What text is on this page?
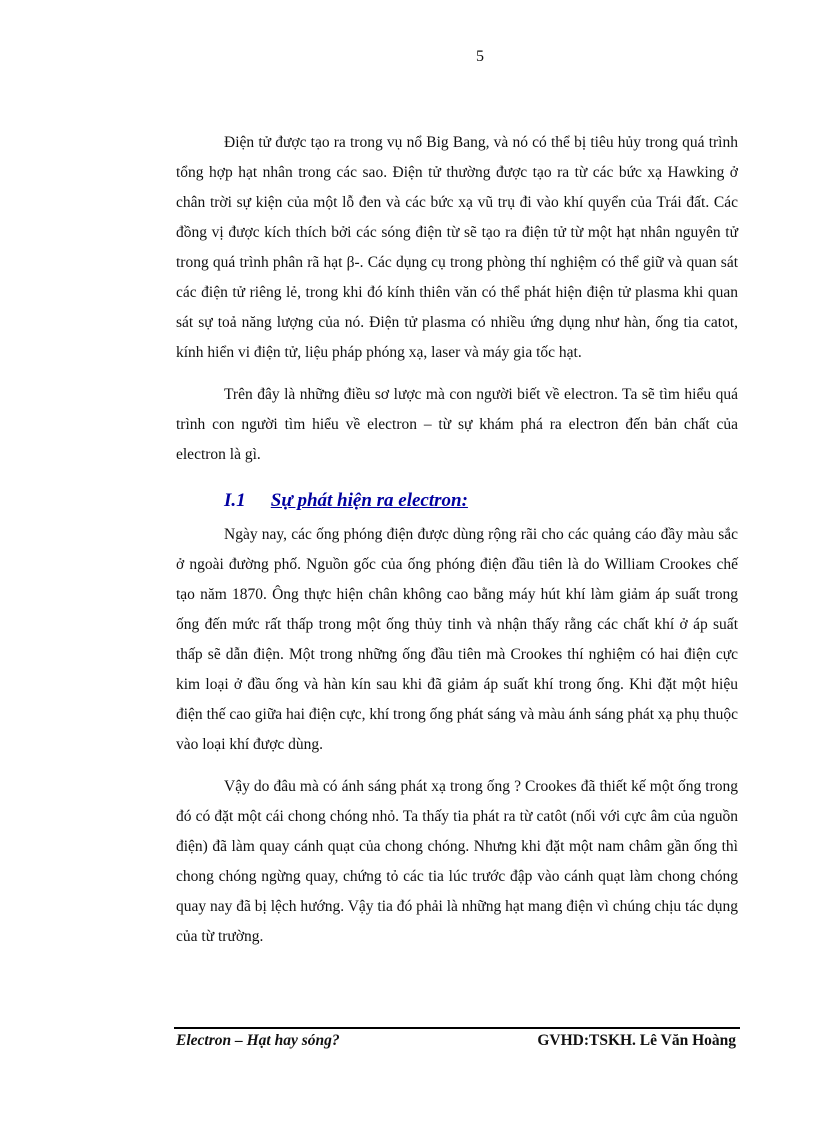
5

Điện tử được tạo ra trong vụ nổ Big Bang, và nó có thể bị tiêu hủy trong quá trình tổng hợp hạt nhân trong các sao. Điện tử thường được tạo ra từ các bức xạ Hawking ở chân trời sự kiện của một lỗ đen và các bức xạ vũ trụ đi vào khí quyển của Trái đất. Các đồng vị được kích thích bởi các sóng điện từ sẽ tạo ra điện tử từ một hạt nhân nguyên tử trong quá trình phân rã hạt β-. Các dụng cụ trong phòng thí nghiệm có thể giữ và quan sát các điện tử riêng lẻ, trong khi đó kính thiên văn có thể phát hiện điện tử plasma khi quan sát sự toả năng lượng của nó. Điện tử plasma có nhiều ứng dụng như hàn, ống tia catot, kính hiển vi điện tử, liệu pháp phóng xạ, laser và máy gia tốc hạt.

Trên đây là những điều sơ lược mà con người biết về electron. Ta sẽ tìm hiểu quá trình con người tìm hiểu về electron – từ sự khám phá ra electron đến bản chất của electron là gì.

I.1 Sự phát hiện ra electron:

Ngày nay, các ống phóng điện được dùng rộng rãi cho các quảng cáo đầy màu sắc ở ngoài đường phố. Nguồn gốc của ống phóng điện đầu tiên là do William Crookes chế tạo năm 1870. Ông thực hiện chân không cao bằng máy hút khí làm giảm áp suất trong ống đến mức rất thấp trong một ống thủy tinh và nhận thấy rằng các chất khí ở áp suất thấp sẽ dẫn điện. Một trong những ống đầu tiên mà Crookes thí nghiệm có hai điện cực kim loại ở đầu ống và hàn kín sau khi đã giảm áp suất khí trong ống. Khi đặt một hiệu điện thế cao giữa hai điện cực, khí trong ống phát sáng và màu ánh sáng phát xạ phụ thuộc vào loại khí được dùng.

Vậy do đâu mà có ánh sáng phát xạ trong ống ? Crookes đã thiết kế một ống trong đó có đặt một cái chong chóng nhỏ. Ta thấy tia phát ra từ catôt (nối với cực âm của nguồn điện) đã làm quay cánh quạt của chong chóng. Nhưng khi đặt một nam châm gần ống thì chong chóng ngừng quay, chứng tỏ các tia lúc trước đập vào cánh quạt làm chong chóng quay nay đã bị lệch hướng. Vậy tia đó phải là những hạt mang điện vì chúng chịu tác dụng của từ trường.

Electron – Hạt hay sóng?	GVHD:TSKH. Lê Văn Hoàng
